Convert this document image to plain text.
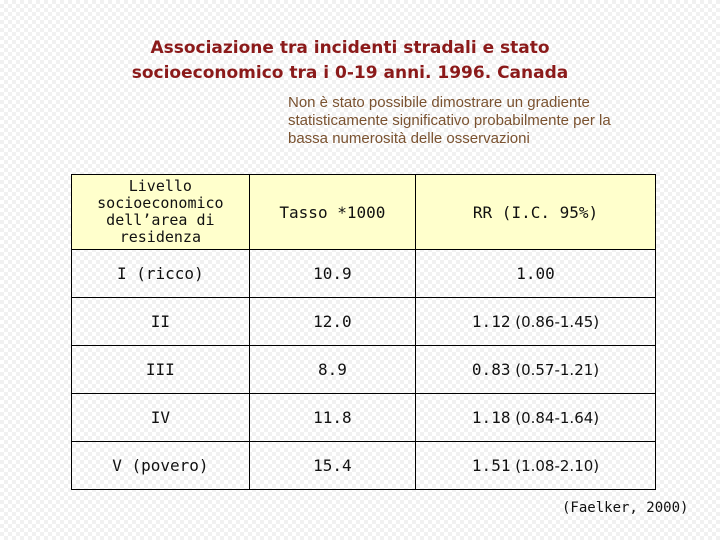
Associazione tra incidenti stradali e stato
socioeconomico tra i 0-19 anni. 1996. Canada
Non è stato possibile dimostrare un gradiente
statisticamente significativo probabilmente per la
bassa numerosità delle osservazioni
Livello
socioeconomico
dell’area di
residenza	Tasso *1000	RR (I.C. 95%)
I (ricco)	10.9	1.00
II	12.0	1.12 (0.86-1.45)
III	8.9	0.83 (0.57-1.21)
IV	11.8	1.18 (0.84-1.64)
V (povero)	15.4	1.51 (1.08-2.10)
(Faelker, 2000)
